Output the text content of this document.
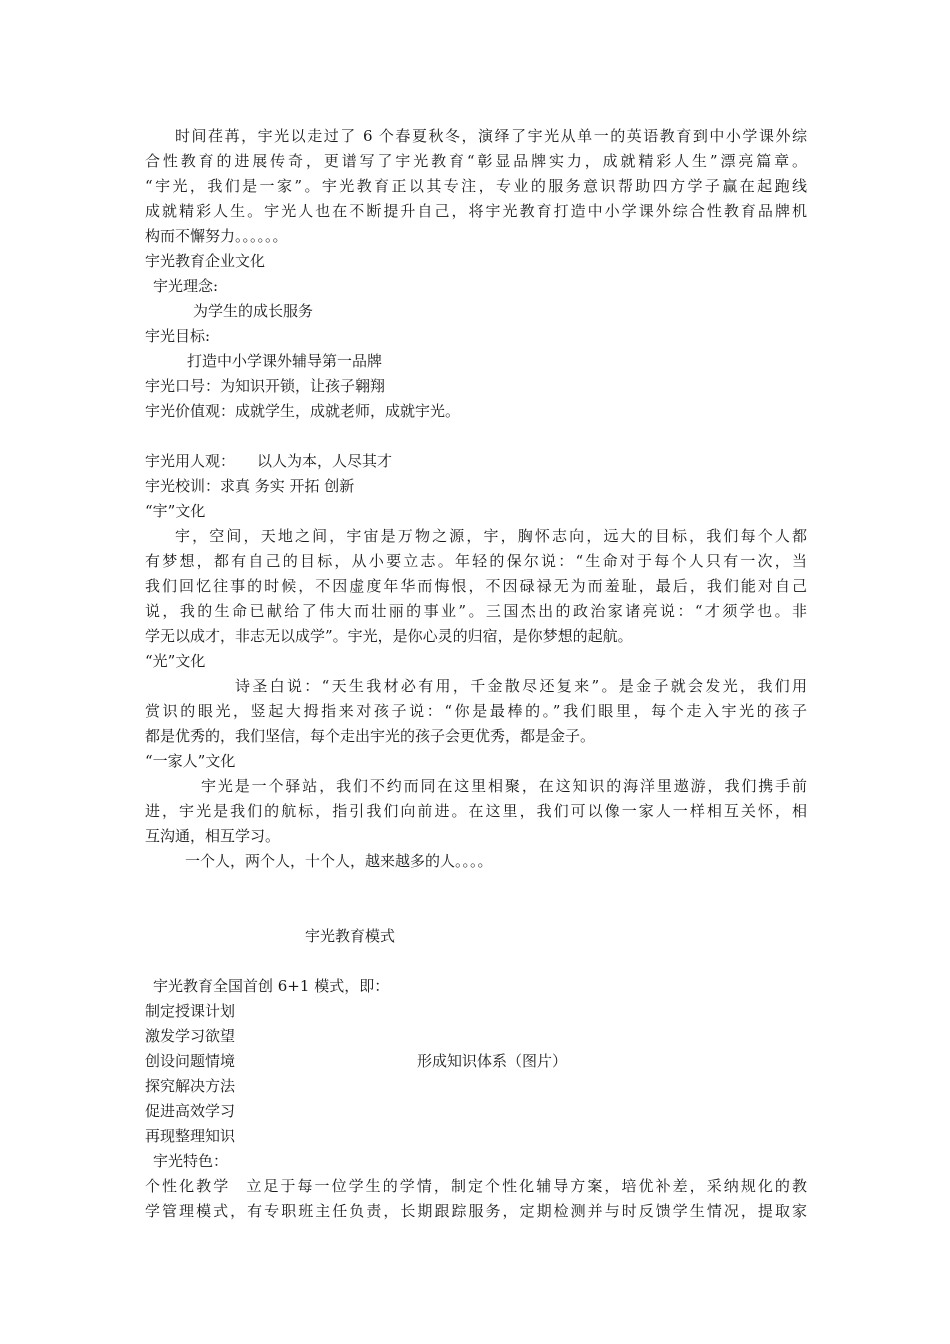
时间荏苒，宇光以走过了 6 个春夏秋冬，演绎了宇光从单一的英语教育到中小学课外综

合性教育的进展传奇，更谱写了宇光教育“彰显品牌实力，成就精彩人生”漂亮篇章。

“宇光，我们是一家”。宇光教育正以其专注，专业的服务意识帮助四方学子赢在起跑线

成就精彩人生。宇光人也在不断提升自己，将宇光教育打造中小学课外综合性教育品牌机

构而不懈努力。。。。。。

宇光教育企业文化

宇光理念:

为学生的成长服务

宇光目标:

打造中小学课外辅导第一品牌

宇光口号：为知识开锁，让孩子翱翔

宇光价值观：成就学生，成就老师，成就宇光。

宇光用人观： 以人为本，人尽其才

宇光校训：求真 务实 开拓 创新

“宇”文化

宇，空间，天地之间，宇宙是万物之源，宇，胸怀志向，远大的目标，我们每个人都

有梦想，都有自己的目标，从小要立志。年轻的保尔说：“生命对于每个人只有一次，当

我们回忆往事的时候，不因虚度年华而悔恨，不因碌禄无为而羞耻，最后，我们能对自己

说，我的生命已献给了伟大而壮丽的事业”。三国杰出的政治家诸亮说：“才须学也。非

学无以成才，非志无以成学”。宇光，是你心灵的归宿，是你梦想的起航。

“光”文化

诗圣白说：“天生我材必有用，千金散尽还复来”。是金子就会发光，我们用

赏识的眼光，竖起大拇指来对孩子说：“你是最棒的。”我们眼里，每个走入宇光的孩子

都是优秀的，我们坚信，每个走出宇光的孩子会更优秀，都是金子。

“一家人”文化

宇光是一个驿站，我们不约而同在这里相聚，在这知识的海洋里遨游，我们携手前

进，宇光是我们的航标，指引我们向前进。在这里，我们可以像一家人一样相互关怀，相

互沟通，相互学习。

一个人，两个人，十个人，越来越多的人。。。。

宇光教育模式

宇光教育全国首创 6+1 模式，即：

制定授课计划

激发学习欲望

创设问题情境	形成知识体系（图片）

探究解决方法

促进高效学习

再现整理知识

宇光特色：

个性化教学 立足于每一位学生的学情，制定个性化辅导方案，培优补差，采纳规化的教

学管理模式，有专职班主任负责，长期跟踪服务，定期检测并与时反馈学生情况，提取家
